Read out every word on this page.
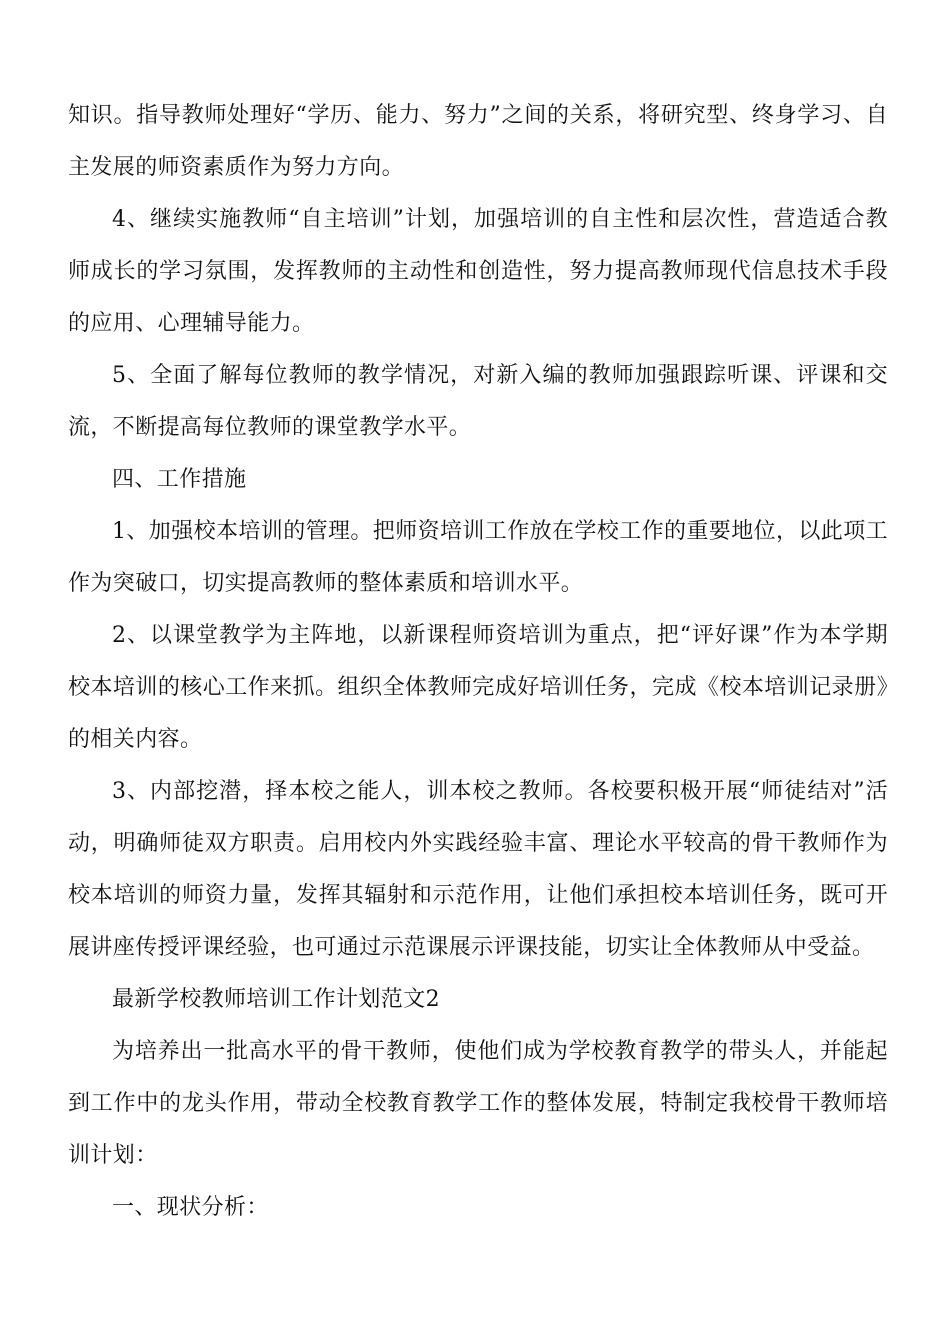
知识。指导教师处理好“学历、能力、努力”之间的关系，将研究型、终身学习、自主发展的师资素质作为努力方向。

4、继续实施教师“自主培训”计划，加强培训的自主性和层次性，营造适合教师成长的学习氛围，发挥教师的主动性和创造性，努力提高教师现代信息技术手段的应用、心理辅导能力。

5、全面了解每位教师的教学情况，对新入编的教师加强跟踪听课、评课和交流，不断提高每位教师的课堂教学水平。

四、工作措施

1、加强校本培训的管理。把师资培训工作放在学校工作的重要地位，以此项工作为突破口，切实提高教师的整体素质和培训水平。

2、以课堂教学为主阵地，以新课程师资培训为重点，把“评好课”作为本学期校本培训的核心工作来抓。组织全体教师完成好培训任务，完成《校本培训记录册》的相关内容。

3、内部挖潜，择本校之能人，训本校之教师。各校要积极开展“师徒结对”活动，明确师徒双方职责。启用校内外实践经验丰富、理论水平较高的骨干教师作为校本培训的师资力量，发挥其辐射和示范作用，让他们承担校本培训任务，既可开展讲座传授评课经验，也可通过示范课展示评课技能，切实让全体教师从中受益。

最新学校教师培训工作计划范文2

为培养出一批高水平的骨干教师，使他们成为学校教育教学的带头人，并能起到工作中的龙头作用，带动全校教育教学工作的整体发展，特制定我校骨干教师培训计划：

一、现状分析：
